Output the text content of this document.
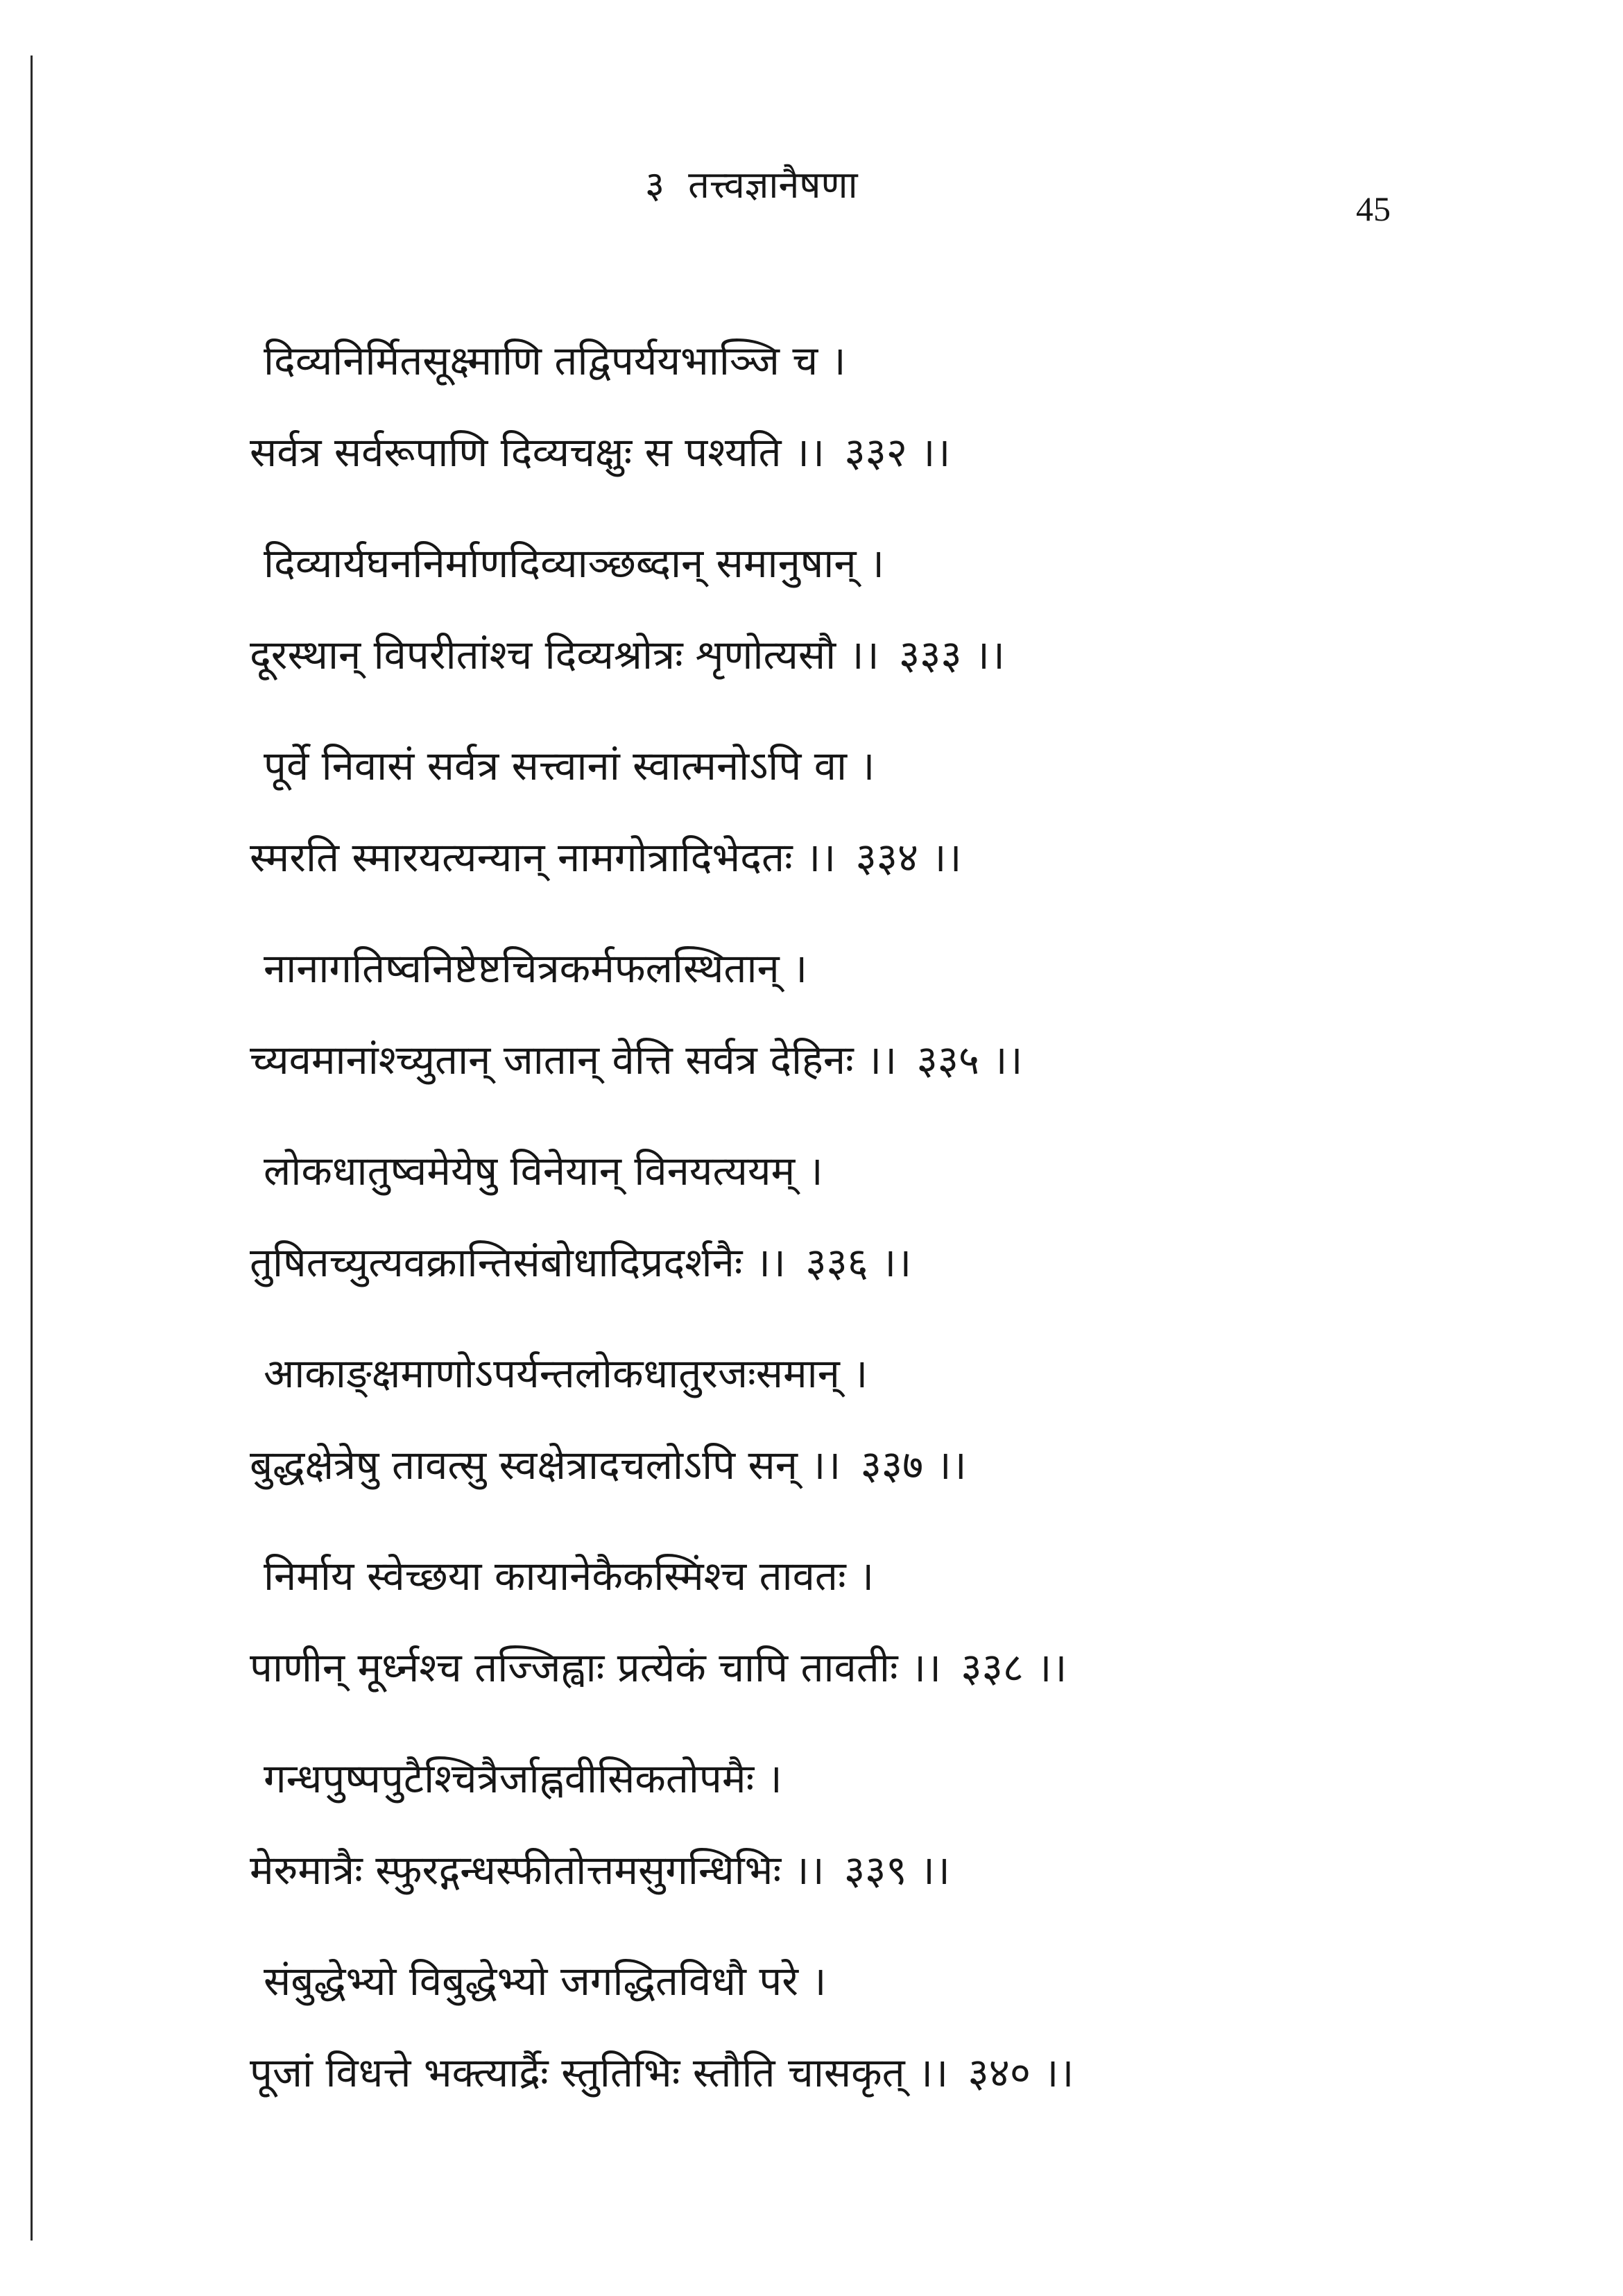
३ तत्त्वज्ञानैषणा
45
दिव्यनिर्मितसूक्ष्माणि तद्विपर्ययभाञ्जि च ।
सर्वत्र सर्वरूपाणि दिव्यचक्षुः स पश्यति ।। ३३२ ।।
दिव्यार्यघननिर्माणदिव्याञ्छब्दान् समानुषान् ।
दूरस्थान् विपरीतांश्च दिव्यश्रोत्रः शृणोत्यसौ ।। ३३३ ।।
पूर्वे निवासं सर्वत्र सत्त्वानां स्वात्मनोऽपि वा ।
स्मरति स्मारयत्यन्यान् नामगोत्रादिभेदतः ।। ३३४ ।।
नानागतिष्वनिष्टेष्टचित्रकर्मफलस्थितान् ।
च्यवमानांश्च्युतान् जातान् वेत्ति सर्वत्र देहिनः ।। ३३५ ।।
लोकधातुष्वमेयेषु विनेयान् विनयत्ययम् ।
तुषितच्युत्यवक्रान्तिसंबोधादिप्रदर्शनैः ।। ३३६ ।।
आकाङ्क्षमाणोऽपर्यन्तलोकधातुरजःसमान् ।
बुद्धक्षेत्रेषु तावत्सु स्वक्षेत्रादचलोऽपि सन् ।। ३३७ ।।
निर्माय स्वेच्छया कायानेकैकस्मिंश्च तावतः ।
पाणीन् मूर्ध्नश्च तज्जिह्वाः प्रत्येकं चापि तावतीः ।। ३३८ ।।
गन्धपुष्पपुटैश्चित्रैर्जाह्नवीसिकतोपमैः ।
मेरुमात्रैः स्फुरद्गन्धस्फीतोत्तमसुगन्धिभिः ।। ३३९ ।।
संबुद्धेभ्यो विबुद्धेभ्यो जगद्धितविधौ परे ।
पूजां विधत्ते भक्त्यार्द्रैः स्तुतिभिः स्तौति चासकृत् ।। ३४० ।।
